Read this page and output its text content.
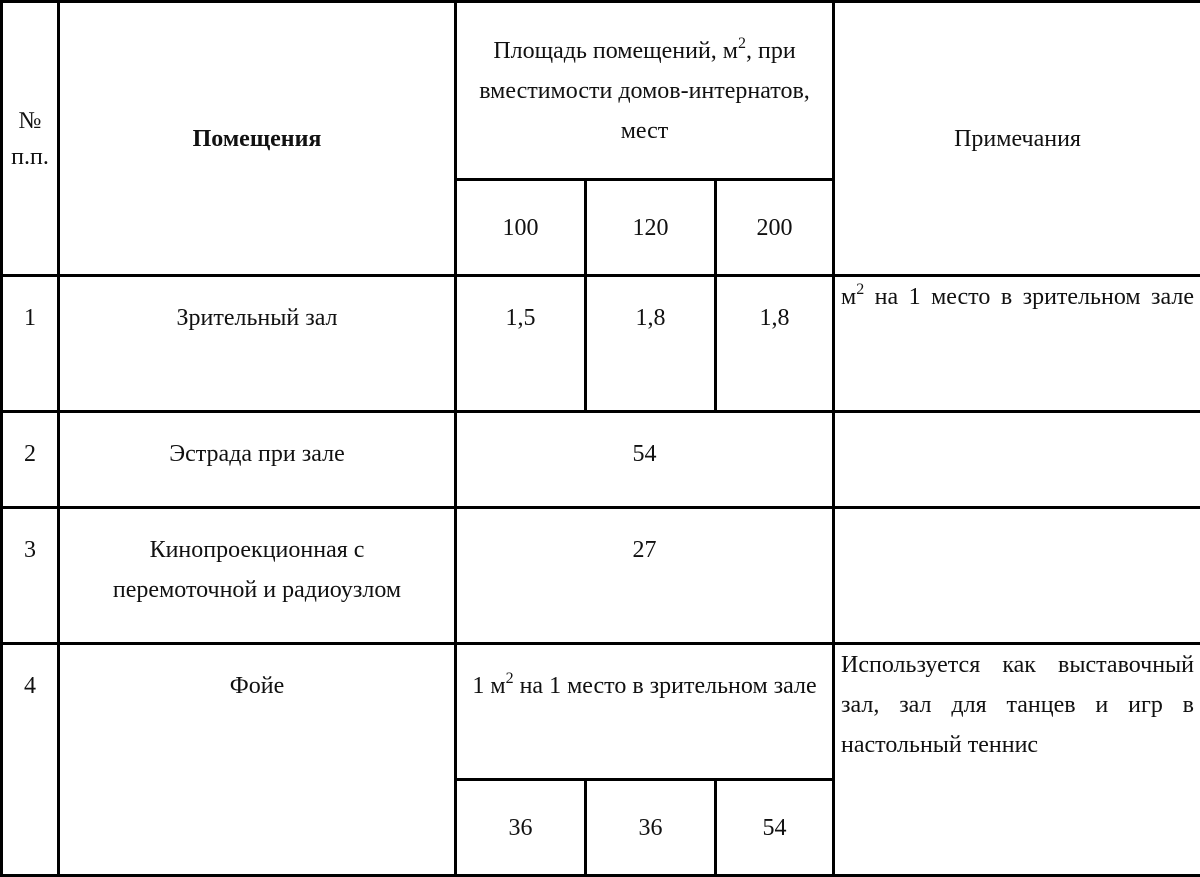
№
п.п.	Помещения	Площадь помещений, $м^2$, при вместимости домов-интернатов, мест			Примечания
		100	120	200	
1	Зрительный зал	1,5	1,8	1,8	$м^2$ на 1 место в зрительном зале

2	Эстрада при зале	54			
3	Кинопроекционная с перемоточной и радиоузлом	27			
4	Фойе	1 $м^2$ на 1 место в зрительном зале			Используется как выставочный зал, зал для танцев и игр в настольный теннис

		36	36	54	
